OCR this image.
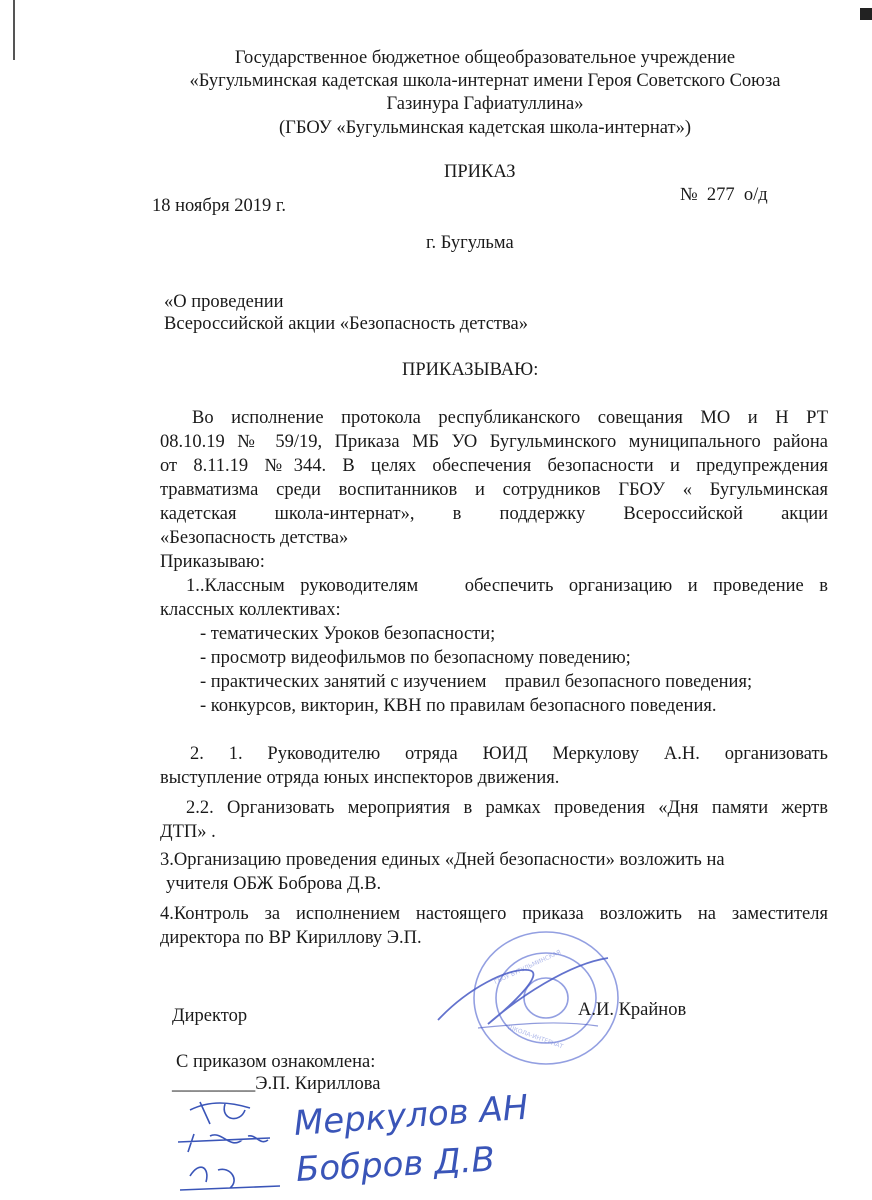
Государственное бюджетное общеобразовательное учреждение
«Бугульминская кадетская школа-интернат имени Героя Советского Союза
Газинура Гафиатуллина»
(ГБОУ «Бугульминская кадетская школа-интернат»)
ПРИКАЗ
18 ноября 2019 г.
№  277  о/д
г. Бугульма
«О проведении
Всероссийской акции «Безопасность детства»
ПРИКАЗЫВАЮ:
Во исполнение протокола республиканского совещания МО и Н РТ
08.10.19 № 59/19, Приказа МБ УО Бугульминского муниципального района
от 8.11.19 №344. В целях обеспечения безопасности и предупреждения
травматизма среди воспитанников и сотрудников ГБОУ « Бугульминская
кадетская школа-интернат», в поддержку Всероссийской акции
«Безопасность детства»
Приказываю:
1..Классным руководителям   обеспечить организацию и проведение в
классных коллективах:
- тематических Уроков безопасности;
- просмотр видеофильмов по безопасному поведению;
- практических занятий с изучением    правил безопасного поведения;
- конкурсов, викторин, КВН по правилам безопасного поведения.
2. 1. Руководителю отряда ЮИД Меркулову А.Н. организовать
выступление отряда юных инспекторов движения.
2.2. Организовать мероприятия в рамках проведения «Дня памяти жертв
ДТП» .
3.Организацию проведения единых «Дней безопасности» возложить на
учителя ОБЖ Боброва Д.В.
4.Контроль за исполнением настоящего приказа возложить на заместителя
директора по ВР Кириллову Э.П.
ГБОУ БУГУЛЬМИНСКАЯ
ШКОЛА-ИНТЕРНАТ
Директор	А.И. Крайнов
С приказом ознакомлена:
_________Э.П. Кириллова
Меркулов АН
Бобров Д.В
